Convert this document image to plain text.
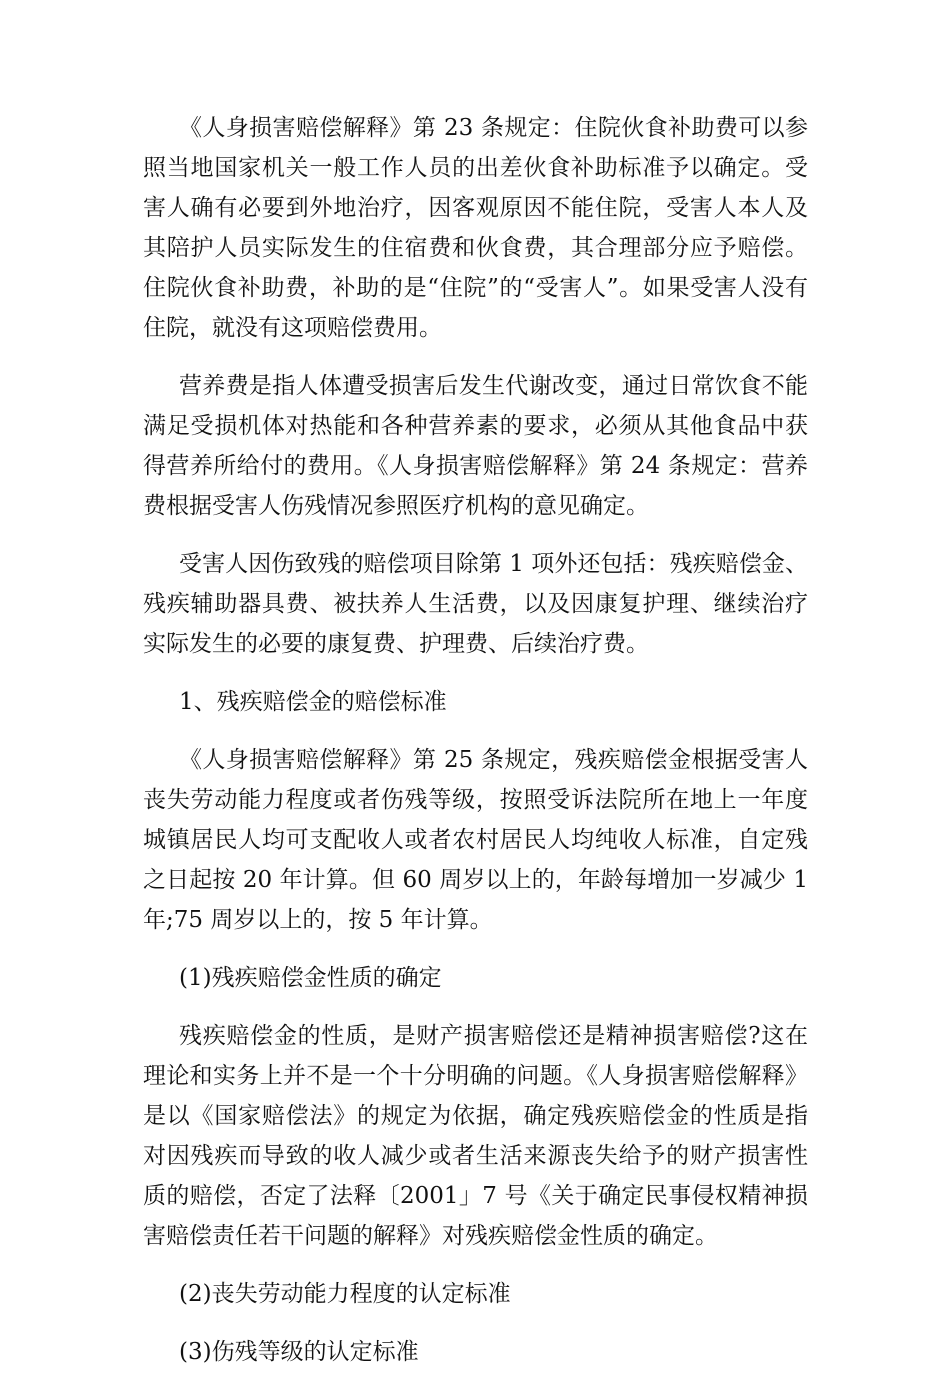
《人身损害赔偿解释》第 23 条规定：住院伙食补助费可以参照当地国家机关一般工作人员的出差伙食补助标准予以确定。受害人确有必要到外地治疗，因客观原因不能住院，受害人本人及其陪护人员实际发生的住宿费和伙食费，其合理部分应予赔偿。住院伙食补助费，补助的是“住院”的“受害人”。如果受害人没有住院，就没有这项赔偿费用。

营养费是指人体遭受损害后发生代谢改变，通过日常饮食不能满足受损机体对热能和各种营养素的要求，必须从其他食品中获得营养所给付的费用。《人身损害赔偿解释》第 24 条规定：营养费根据受害人伤残情况参照医疗机构的意见确定。

受害人因伤致残的赔偿项目除第 1 项外还包括：残疾赔偿金、残疾辅助器具费、被扶养人生活费，以及因康复护理、继续治疗实际发生的必要的康复费、护理费、后续治疗费。

1、残疾赔偿金的赔偿标准

《人身损害赔偿解释》第 25 条规定，残疾赔偿金根据受害人丧失劳动能力程度或者伤残等级，按照受诉法院所在地上一年度城镇居民人均可支配收人或者农村居民人均纯收人标准，自定残之日起按 20 年计算。但 60 周岁以上的，年龄每增加一岁减少 1 年;75 周岁以上的，按 5 年计算。

(1)残疾赔偿金性质的确定

残疾赔偿金的性质，是财产损害赔偿还是精神损害赔偿?这在理论和实务上并不是一个十分明确的问题。《人身损害赔偿解释》是以《国家赔偿法》的规定为依据，确定残疾赔偿金的性质是指对因残疾而导致的收人减少或者生活来源丧失给予的财产损害性质的赔偿，否定了法释〔2001」7 号《关于确定民事侵权精神损害赔偿责任若干问题的解释》对残疾赔偿金性质的确定。

(2)丧失劳动能力程度的认定标准

(3)伤残等级的认定标准
